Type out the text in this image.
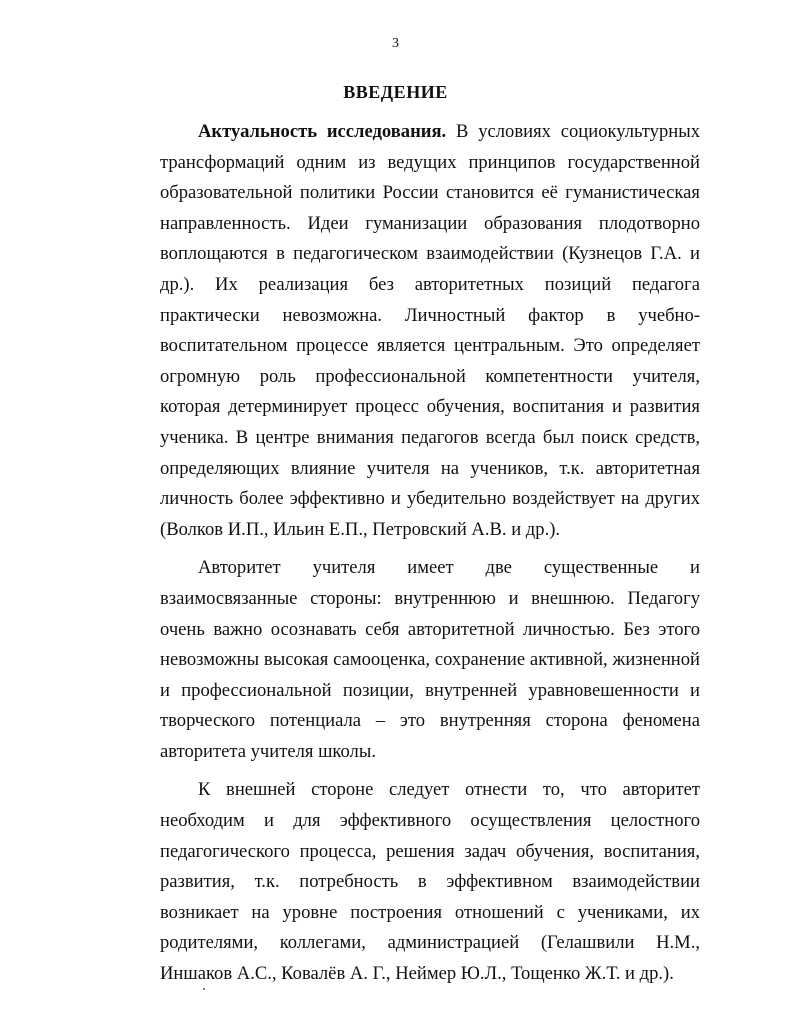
3
ВВЕДЕНИЕ

Актуальность исследования. В условиях социокультурных трансформаций одним из ведущих принципов государственной образовательной политики России становится её гуманистическая направленность. Идеи гуманизации образования плодотворно воплощаются в педагогическом взаимодействии (Кузнецов Г.А. и др.). Их реализация без авторитетных позиций педагога практически невозможна. Личностный фактор в учебно-воспитательном процессе является центральным. Это определяет огромную роль профессиональной компетентности учителя, которая детерминирует процесс обучения, воспитания и развития ученика. В центре внимания педагогов всегда был поиск средств, определяющих влияние учителя на учеников, т.к. авторитетная личность более эффективно и убедительно воздействует на других (Волков И.П., Ильин Е.П., Петровский А.В. и др.).

Авторитет учителя имеет две существенные и взаимосвязанные стороны: внутреннюю и внешнюю. Педагогу очень важно осознавать себя авторитетной личностью. Без этого невозможны высокая самооценка, сохранение активной, жизненной и профессиональной позиции, внутренней уравновешенности и творческого потенциала – это внутренняя сторона феномена авторитета учителя школы.

К внешней стороне следует отнести то, что авторитет необходим и для эффективного осуществления целостного педагогического процесса, решения задач обучения, воспитания, развития, т.к. потребность в эффективном взаимодействии возникает на уровне построения отношений с учениками, их родителями, коллегами, администрацией (Гелашвили Н.М., Иншаков А.С., Ковалёв А. Г., Неймер Ю.Л., Тощенко Ж.Т. и др.).
